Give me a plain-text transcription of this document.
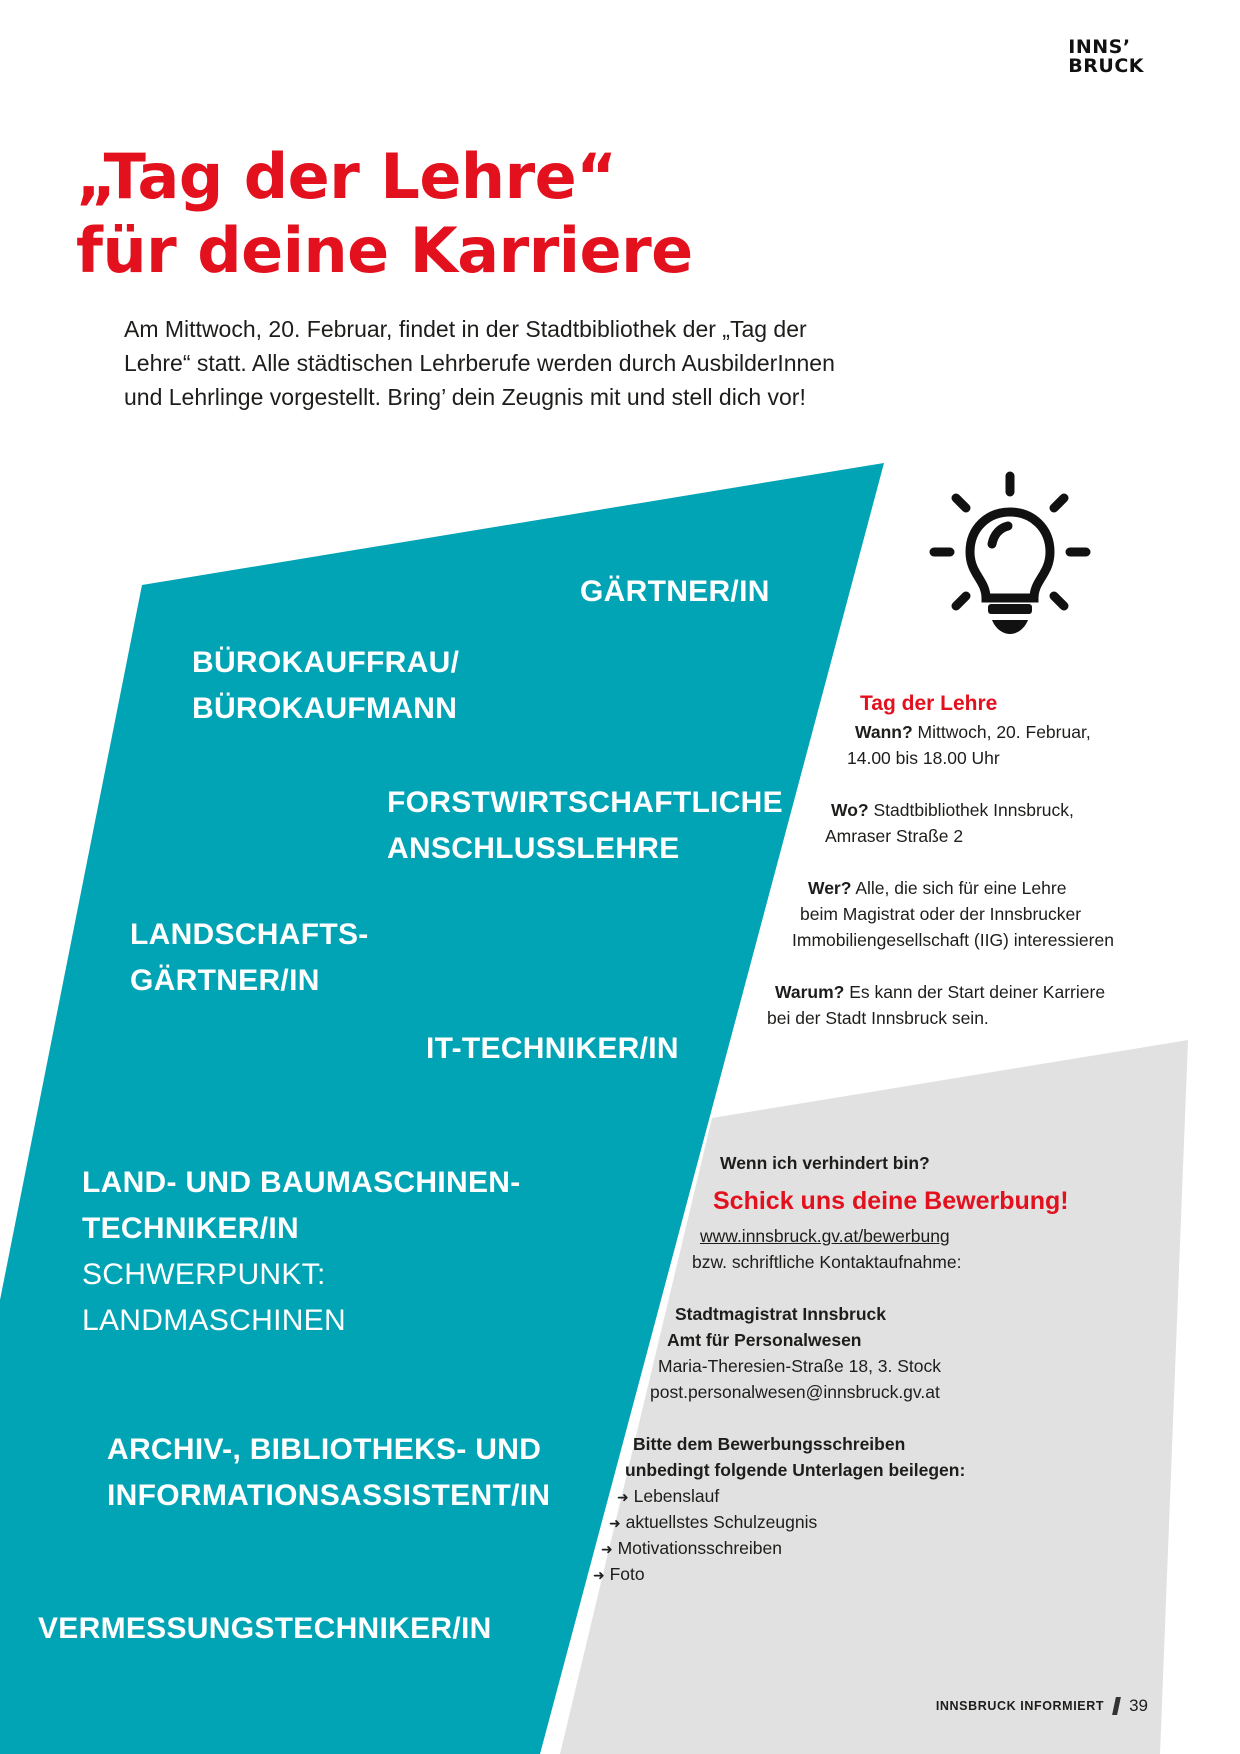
INNS’
BRUCK
„Tag der Lehre“
für deine Karriere

Am Mittwoch, 20. Februar, findet in der Stadtbibliothek der „Tag der
Lehre“ statt. Alle städtischen Lehrberufe werden durch AusbilderInnen
und Lehrlinge vorgestellt. Bring’ dein Zeugnis mit und stell dich vor!

GÄRTNER/IN
BÜROKAUFFRAU/
BÜROKAUFMANN
FORSTWIRTSCHAFTLICHE
ANSCHLUSSLEHRE
LANDSCHAFTS-
GÄRTNER/IN
IT-TECHNIKER/IN
LAND- UND BAUMASCHINEN-
TECHNIKER/IN
SCHWERPUNKT:
LANDMASCHINEN
ARCHIV-, BIBLIOTHEKS- UND
INFORMATIONSASSISTENT/IN
VERMESSUNGSTECHNIKER/IN
Tag der Lehre
Wann? Mittwoch, 20. Februar,
14.00 bis 18.00 Uhr
Wo? Stadtbibliothek Innsbruck,
Amraser Straße 2
Wer? Alle, die sich für eine Lehre
beim Magistrat oder der Innsbrucker
Immobiliengesellschaft (IIG) interessieren
Warum? Es kann der Start deiner Karriere
bei der Stadt Innsbruck sein.
Wenn ich verhindert bin?
Schick uns deine Bewerbung!
www.innsbruck.gv.at/bewerbung
bzw. schriftliche Kontaktaufnahme:
Stadtmagistrat Innsbruck
Amt für Personalwesen
Maria-Theresien-Straße 18, 3. Stock
post.personalwesen@innsbruck.gv.at
Bitte dem Bewerbungsschreiben
unbedingt folgende Unterlagen beilegen:
➜ Lebenslauf
➜ aktuellstes Schulzeugnis
➜ Motivationsschreiben
➜ Foto
INNSBRUCK INFORMIERT 39
